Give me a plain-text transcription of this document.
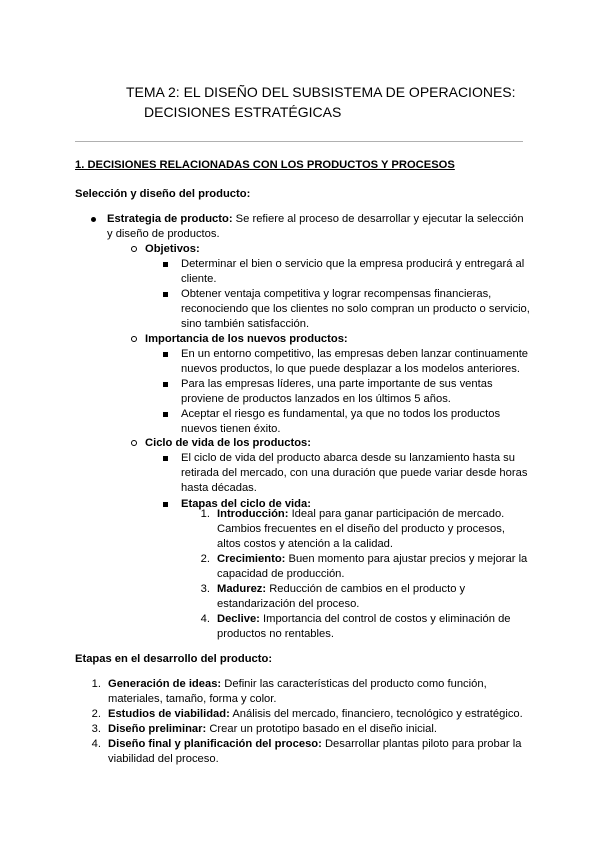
TEMA 2: EL DISEÑO DEL SUBSISTEMA DE OPERACIONES:
DECISIONES ESTRATÉGICAS
1. DECISIONES RELACIONADAS CON LOS PRODUCTOS Y PROCESOS
Selección y diseño del producto:
Estrategia de producto: Se refiere al proceso de desarrollar y ejecutar la selección
y diseño de productos.
Objetivos:
Determinar el bien o servicio que la empresa producirá y entregará al
cliente.
Obtener ventaja competitiva y lograr recompensas financieras,
reconociendo que los clientes no solo compran un producto o servicio,
sino también satisfacción.
Importancia de los nuevos productos:
En un entorno competitivo, las empresas deben lanzar continuamente
nuevos productos, lo que puede desplazar a los modelos anteriores.
Para las empresas líderes, una parte importante de sus ventas
proviene de productos lanzados en los últimos 5 años.
Aceptar el riesgo es fundamental, ya que no todos los productos
nuevos tienen éxito.
Ciclo de vida de los productos:
El ciclo de vida del producto abarca desde su lanzamiento hasta su
retirada del mercado, con una duración que puede variar desde horas
hasta décadas.
Etapas del ciclo de vida:
1. Introducción: Ideal para ganar participación de mercado.
Cambios frecuentes en el diseño del producto y procesos,
altos costos y atención a la calidad.
2. Crecimiento: Buen momento para ajustar precios y mejorar la
capacidad de producción.
3. Madurez: Reducción de cambios en el producto y
estandarización del proceso.
4. Declive: Importancia del control de costos y eliminación de
productos no rentables.
Etapas en el desarrollo del producto:
1. Generación de ideas: Definir las características del producto como función,
materiales, tamaño, forma y color.
2. Estudios de viabilidad: Análisis del mercado, financiero, tecnológico y estratégico.
3. Diseño preliminar: Crear un prototipo basado en el diseño inicial.
4. Diseño final y planificación del proceso: Desarrollar plantas piloto para probar la
viabilidad del proceso.
